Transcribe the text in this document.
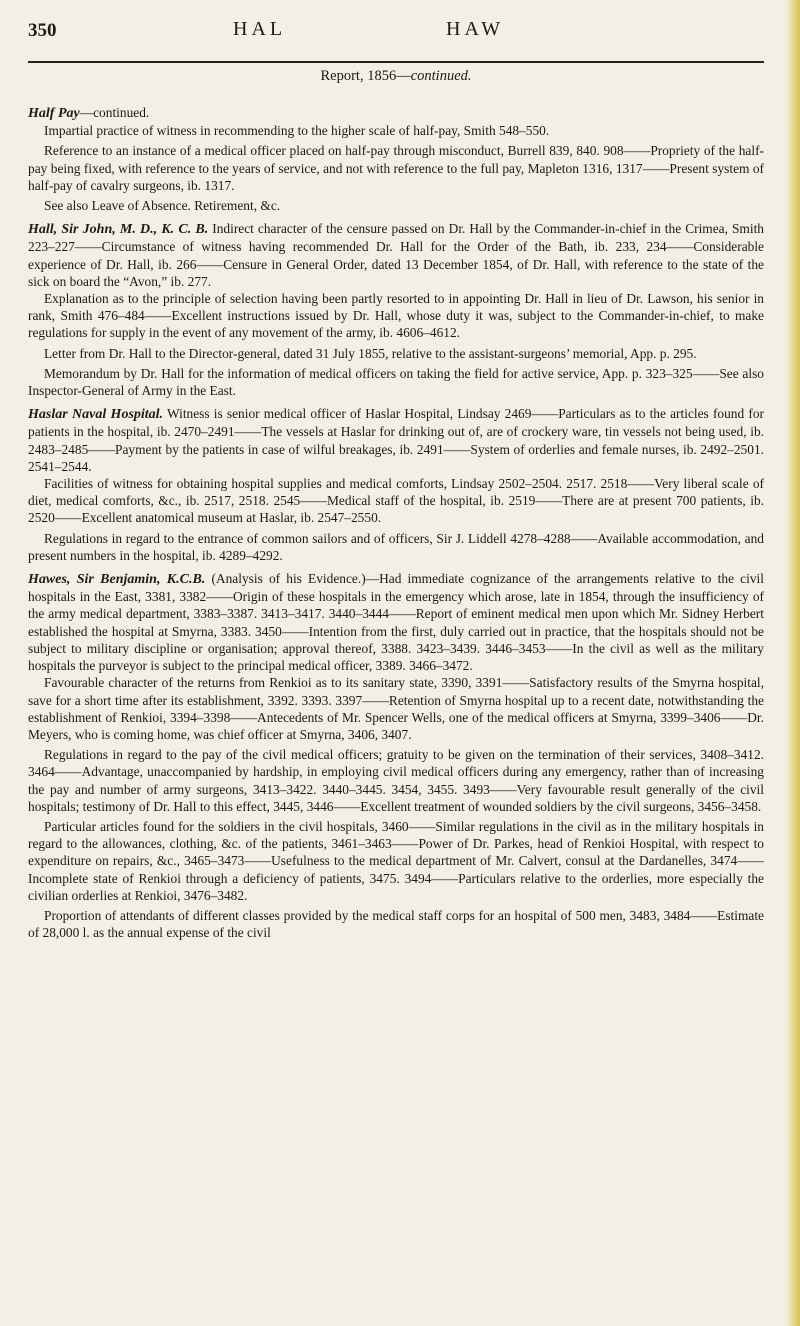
350	HAL	HAW
Report, 1856—continued.

Half Pay—continued.

Impartial practice of witness in recommending to the higher scale of half-pay, Smith 548–550.

Reference to an instance of a medical officer placed on half-pay through misconduct, Burrell 839, 840. 908——Propriety of the half-pay being fixed, with reference to the years of service, and not with reference to the full pay, Mapleton 1316, 1317——Present system of half-pay of cavalry surgeons, ib. 1317.

See also Leave of Absence. Retirement, &c.

Hall, Sir John, M. D., K. C. B. Indirect character of the censure passed on Dr. Hall by the Commander-in-chief in the Crimea, Smith 223–227——Circumstance of witness having recommended Dr. Hall for the Order of the Bath, ib. 233, 234——Considerable experience of Dr. Hall, ib. 266——Censure in General Order, dated 13 December 1854, of Dr. Hall, with reference to the state of the sick on board the “Avon,” ib. 277.

Explanation as to the principle of selection having been partly resorted to in appointing Dr. Hall in lieu of Dr. Lawson, his senior in rank, Smith 476–484——Excellent instructions issued by Dr. Hall, whose duty it was, subject to the Commander-in-chief, to make regulations for supply in the event of any movement of the army, ib. 4606–4612.

Letter from Dr. Hall to the Director-general, dated 31 July 1855, relative to the assistant-surgeons’ memorial, App. p. 295.

Memorandum by Dr. Hall for the information of medical officers on taking the field for active service, App. p. 323–325——See also Inspector-General of Army in the East.

Haslar Naval Hospital. Witness is senior medical officer of Haslar Hospital, Lindsay 2469——Particulars as to the articles found for patients in the hospital, ib. 2470–2491——The vessels at Haslar for drinking out of, are of crockery ware, tin vessels not being used, ib. 2483–2485——Payment by the patients in case of wilful breakages, ib. 2491——System of orderlies and female nurses, ib. 2492–2501. 2541–2544.

Facilities of witness for obtaining hospital supplies and medical comforts, Lindsay 2502–2504. 2517. 2518——Very liberal scale of diet, medical comforts, &c., ib. 2517, 2518. 2545——Medical staff of the hospital, ib. 2519——There are at present 700 patients, ib. 2520——Excellent anatomical museum at Haslar, ib. 2547–2550.

Regulations in regard to the entrance of common sailors and of officers, Sir J. Liddell 4278–4288——Available accommodation, and present numbers in the hospital, ib. 4289–4292.

Hawes, Sir Benjamin, K.C.B. (Analysis of his Evidence.)—Had immediate cognizance of the arrangements relative to the civil hospitals in the East, 3381, 3382——Origin of these hospitals in the emergency which arose, late in 1854, through the insufficiency of the army medical department, 3383–3387. 3413–3417. 3440–3444——Report of eminent medical men upon which Mr. Sidney Herbert established the hospital at Smyrna, 3383. 3450——Intention from the first, duly carried out in practice, that the hospitals should not be subject to military discipline or organisation; approval thereof, 3388. 3423–3439. 3446–3453——In the civil as well as the military hospitals the purveyor is subject to the principal medical officer, 3389. 3466–3472.

Favourable character of the returns from Renkioi as to its sanitary state, 3390, 3391——Satisfactory results of the Smyrna hospital, save for a short time after its establishment, 3392. 3393. 3397——Retention of Smyrna hospital up to a recent date, notwithstanding the establishment of Renkioi, 3394–3398——Antecedents of Mr. Spencer Wells, one of the medical officers at Smyrna, 3399–3406——Dr. Meyers, who is coming home, was chief officer at Smyrna, 3406, 3407.

Regulations in regard to the pay of the civil medical officers; gratuity to be given on the termination of their services, 3408–3412. 3464——Advantage, unaccompanied by hardship, in employing civil medical officers during any emergency, rather than of increasing the pay and number of army surgeons, 3413–3422. 3440–3445. 3454, 3455. 3493——Very favourable result generally of the civil hospitals; testimony of Dr. Hall to this effect, 3445, 3446——Excellent treatment of wounded soldiers by the civil surgeons, 3456–3458.

Particular articles found for the soldiers in the civil hospitals, 3460——Similar regulations in the civil as in the military hospitals in regard to the allowances, clothing, &c. of the patients, 3461–3463——Power of Dr. Parkes, head of Renkioi Hospital, with respect to expenditure on repairs, &c., 3465–3473——Usefulness to the medical department of Mr. Calvert, consul at the Dardanelles, 3474——Incomplete state of Renkioi through a deficiency of patients, 3475. 3494——Particulars relative to the orderlies, more especially the civilian orderlies at Renkioi, 3476–3482.

Proportion of attendants of different classes provided by the medical staff corps for an hospital of 500 men, 3483, 3484——Estimate of 28,000 l. as the annual expense of the civil
